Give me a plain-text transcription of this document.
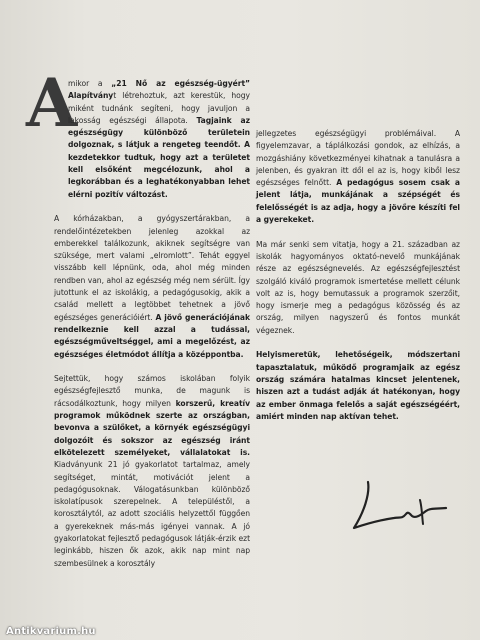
A

mikor a „21 Nő az egészség-ügyért” Alapítványt létrehoztuk, azt kerestük, hogy miként tudnánk segíteni, hogy javuljon a lakosság egészségi állapota. Tagjaink az egészségügy különböző területein dolgoznak, s látjuk a rengeteg teendőt. A kezdetekkor tudtuk, hogy azt a területet kell elsőként megcélozunk, ahol a legkorábban és a leghatékonyabban lehet elérni pozitív változást.

A kórházakban, a gyógyszertárakban, a rendelőintézetekben jelenleg azokkal az emberekkel találkozunk, akiknek segítségre van szüksége, mert valami „elromlott”. Tehát eggyel visszább kell lépnünk, oda, ahol még minden rendben van, ahol az egészség még nem sérült. Így jutottunk el az iskolákig, a pedagógusokig, akik a család mellett a legtöbbet tehetnek a jövő egészséges generációiért. A jövő generációjának rendelkeznie kell azzal a tudással, egészségműveltséggel, ami a megelőzést, az egészséges életmódot állítja a középpontba.

Sejtettük, hogy számos iskolában folyik egészségfejlesztő munka, de magunk is rácsodálkoztunk, hogy milyen korszerű, kreatív programok működnek szerte az országban, bevonva a szülőket, a környék egészségügyi dolgozóit és sokszor az egészség iránt elkötelezett személyeket, vállalatokat is. Kiadványunk 21 jó gyakorlatot tartalmaz, amely segítséget, mintát, motivációt jelent a pedagógusoknak. Válogatásunkban különböző iskolatípusok szerepelnek. A településtől, a korosztálytól, az adott szociális helyzettől függően a gyerekeknek más-más igényei vannak. A jó gyakorlatokat fejlesztő pedagógusok látják-érzik ezt leginkább, hiszen ők azok, akik nap mint nap szembesülnek a korosztály

jellegzetes egészségügyi problémáival. A figyelemzavar, a táplálkozási gondok, az elhízás, a mozgáshiány következményei kihatnak a tanulásra a jelenben, és gyakran itt dől el az is, hogy kiből lesz egészséges felnőtt. A pedagógus sosem csak a jelent látja, munkájának a szépségét és felelősségét is az adja, hogy a jövőre készíti fel a gyerekeket.

Ma már senki sem vitatja, hogy a 21. században az iskolák hagyományos oktató-nevelő munkájának része az egészségnevelés. Az egészségfejlesztést szolgáló kiváló programok ismertetése mellett célunk volt az is, hogy bemutassuk a programok szerzőit, hogy ismerje meg a pedagógus közösség és az ország, milyen nagyszerű és fontos munkát végeznek.

Helyismeretük, lehetőségeik, módszertani tapasztalatuk, működő programjaik az egész ország számára hatalmas kincset jelentenek, hiszen azt a tudást adják át hatékonyan, hogy az ember önmaga felelős a saját egészségéért, amiért minden nap aktívan tehet.

Antikvarium.hu
